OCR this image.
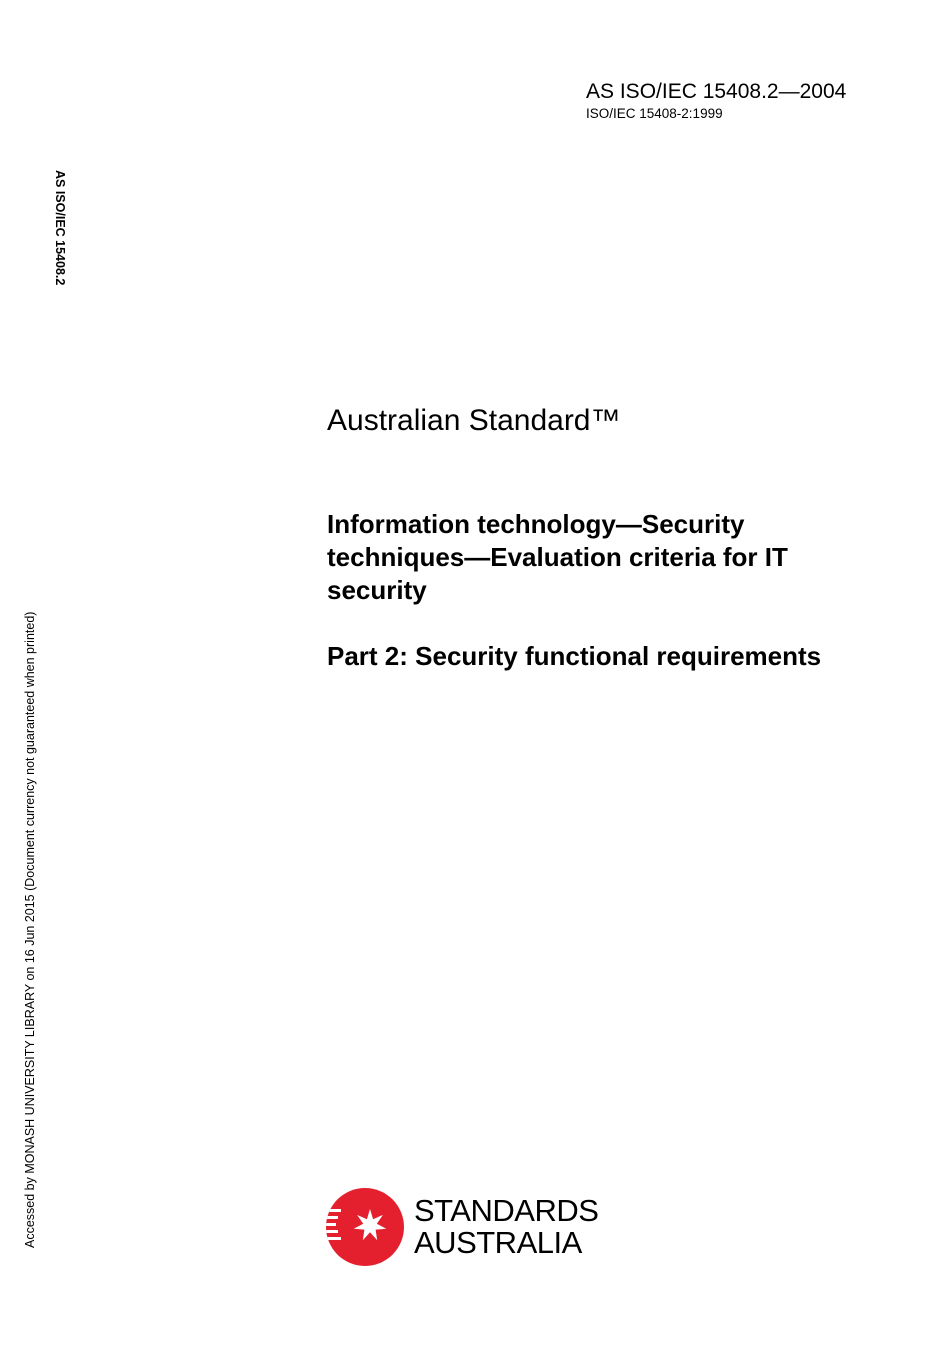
AS ISO/IEC 15408.2—2004
ISO/IEC 15408-2:1999
AS ISO/IEC 15408.2
Accessed by MONASH UNIVERSITY LIBRARY on 16 Jun 2015 (Document currency not guaranteed when printed)
Australian Standard™
Information technology—Security techniques—Evaluation criteria for IT security
Part 2: Security functional requirements
STANDARDS
AUSTRALIA
